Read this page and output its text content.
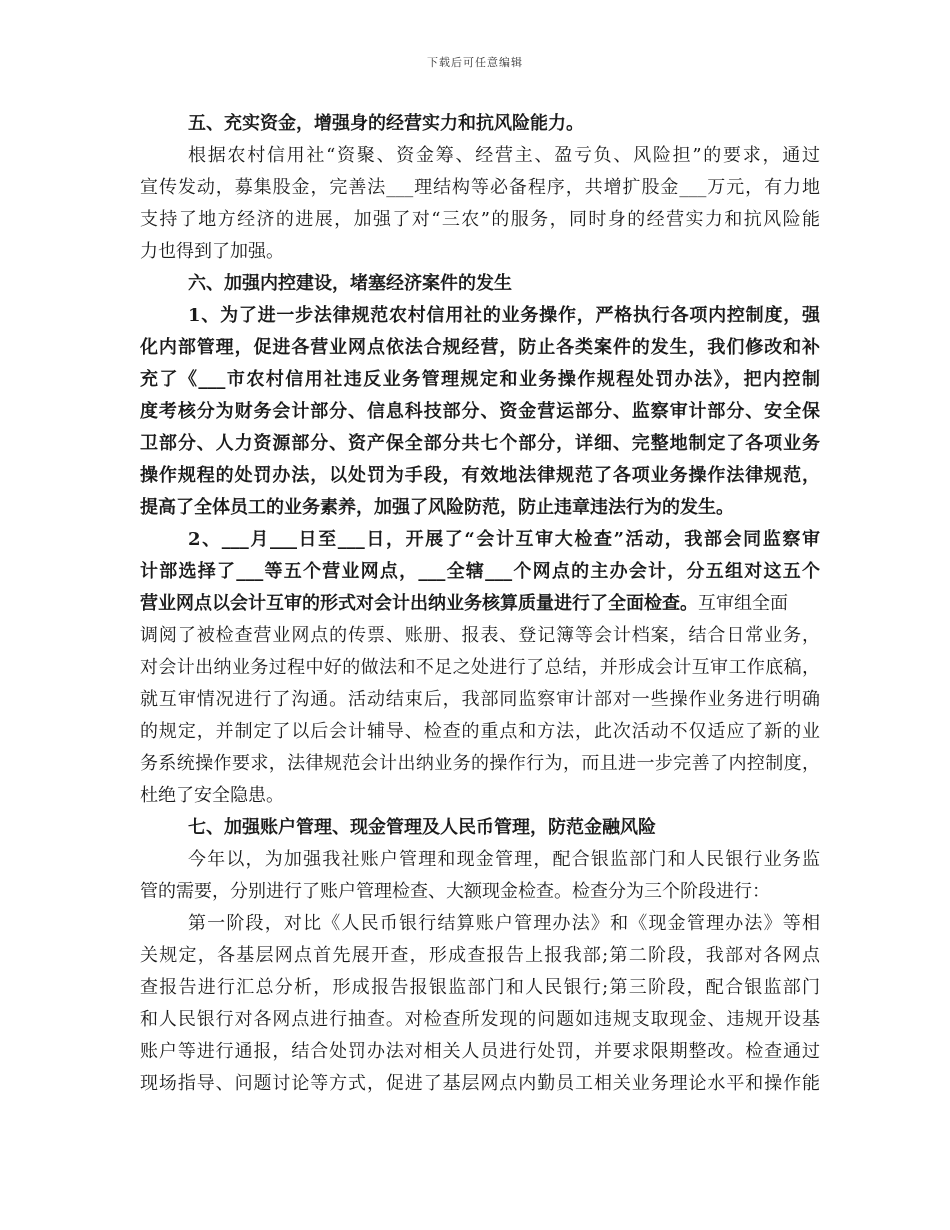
下载后可任意编辑
五、充实资金，增强身的经营实力和抗风险能力。
根据农村信用社“资聚、资金筹、经营主、盈亏负、风险担”的要求，通过
宣传发动，募集股金，完善法___理结构等必备程序，共增扩股金___万元，有力地
支持了地方经济的进展，加强了对“三农”的服务，同时身的经营实力和抗风险能
力也得到了加强。
六、加强内控建设，堵塞经济案件的发生
1、为了进一步法律规范农村信用社的业务操作，严格执行各项内控制度，强
化内部管理，促进各营业网点依法合规经营，防止各类案件的发生，我们修改和补
充了《___市农村信用社违反业务管理规定和业务操作规程处罚办法》，把内控制
度考核分为财务会计部分、信息科技部分、资金营运部分、监察审计部分、安全保
卫部分、人力资源部分、资产保全部分共七个部分，详细、完整地制定了各项业务
操作规程的处罚办法，以处罚为手段，有效地法律规范了各项业务操作法律规范，
提高了全体员工的业务素养，加强了风险防范，防止违章违法行为的发生。
2、___月___日至___日，开展了“会计互审大检查”活动，我部会同监察审
计部选择了___等五个营业网点，___全辖___个网点的主办会计，分五组对这五个
营业网点以会计互审的形式对会计出纳业务核算质量进行了全面检查。互审组全面
调阅了被检查营业网点的传票、账册、报表、登记簿等会计档案，结合日常业务，
对会计出纳业务过程中好的做法和不足之处进行了总结，并形成会计互审工作底稿，
就互审情况进行了沟通。活动结束后，我部同监察审计部对一些操作业务进行明确
的规定，并制定了以后会计辅导、检查的重点和方法，此次活动不仅适应了新的业
务系统操作要求，法律规范会计出纳业务的操作行为，而且进一步完善了内控制度，
杜绝了安全隐患。
七、加强账户管理、现金管理及人民币管理，防范金融风险
今年以，为加强我社账户管理和现金管理，配合银监部门和人民银行业务监
管的需要，分别进行了账户管理检查、大额现金检查。检查分为三个阶段进行：
第一阶段，对比《人民币银行结算账户管理办法》和《现金管理办法》等相
关规定，各基层网点首先展开查，形成查报告上报我部;第二阶段，我部对各网点
查报告进行汇总分析，形成报告报银监部门和人民银行;第三阶段，配合银监部门
和人民银行对各网点进行抽查。对检查所发现的问题如违规支取现金、违规开设基
账户等进行通报，结合处罚办法对相关人员进行处罚，并要求限期整改。检查通过
现场指导、问题讨论等方式，促进了基层网点内勤员工相关业务理论水平和操作能
